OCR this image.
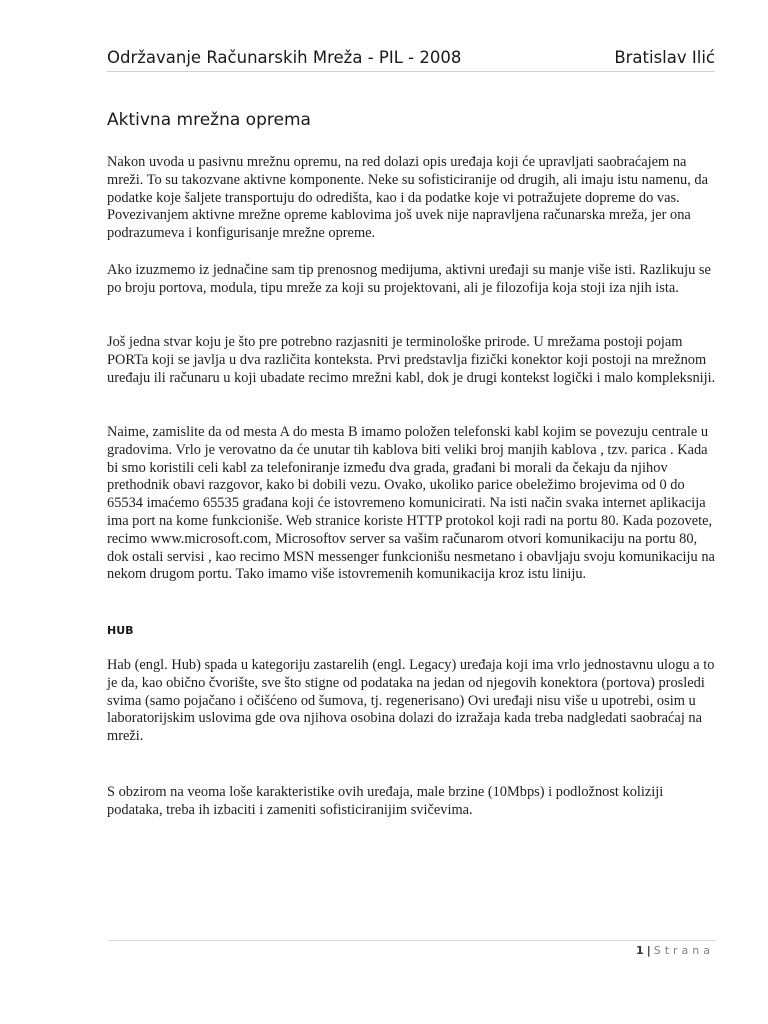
Održavanje Računarskih Mreža - PIL - 2008	Bratislav Ilić
Aktivna mrežna oprema

Nakon uvoda u pasivnu mrežnu opremu, na red dolazi opis uređaja koji će upravljati saobraćajem na mreži. To su takozvane aktivne komponente. Neke su sofisticiranije od drugih, ali imaju istu namenu, da podatke koje šaljete transportuju do odredišta, kao i da podatke koje vi potražujete dopreme do vas. Povezivanjem aktivne mrežne opreme kablovima još uvek nije napravljena računarska mreža, jer ona podrazumeva i konfigurisanje mrežne opreme.

Ako izuzmemo iz jednačine sam tip prenosnog medijuma, aktivni uređaji su manje više isti. Razlikuju se po broju portova, modula, tipu mreže za koji su projektovani, ali je filozofija koja stoji iza njih ista.

Još jedna stvar koju je što pre potrebno razjasniti je terminološke prirode. U mrežama postoji pojam PORTa koji se javlja u dva različita konteksta. Prvi predstavlja fizički konektor koji postoji na mrežnom uređaju ili računaru u koji ubadate recimo mrežni kabl, dok je drugi kontekst logički i malo kompleksniji.

Naime, zamislite da od mesta A do mesta B imamo položen telefonski kabl kojim se povezuju centrale u gradovima. Vrlo je verovatno da će unutar tih kablova biti veliki broj manjih kablova , tzv. parica . Kada bi smo koristili celi kabl za telefoniranje između dva grada, građani bi morali da čekaju da njihov prethodnik obavi razgovor, kako bi dobili vezu. Ovako, ukoliko parice obeležimo brojevima od 0 do 65534 imaćemo 65535 građana koji će istovremeno komunicirati. Na isti način svaka internet aplikacija ima port na kome funkcioniše. Web stranice koriste HTTP protokol koji radi na portu 80. Kada pozovete, recimo www.microsoft.com, Microsoftov server sa vašim računarom otvori komunikaciju na portu 80, dok ostali servisi , kao recimo MSN messenger funkcionišu nesmetano i obavljaju svoju komunikaciju na nekom drugom portu. Tako imamo više istovremenih komunikacija kroz istu liniju.

HUB

Hab (engl. Hub) spada u kategoriju zastarelih (engl. Legacy) uređaja koji ima vrlo jednostavnu ulogu a to je da, kao obično čvorište, sve što stigne od podataka na jedan od njegovih konektora (portova) prosledi svima (samo pojačano i očišćeno od šumova, tj. regenerisano) Ovi uređaji nisu više u upotrebi, osim u laboratorijskim uslovima gde ova njihova osobina dolazi do izražaja kada treba nadgledati saobraćaj na mreži.

S obzirom na veoma loše karakteristike ovih uređaja, male brzine (10Mbps) i podložnost koliziji podataka, treba ih izbaciti i zameniti sofisticiranijim svičevima.

1 | Strana
